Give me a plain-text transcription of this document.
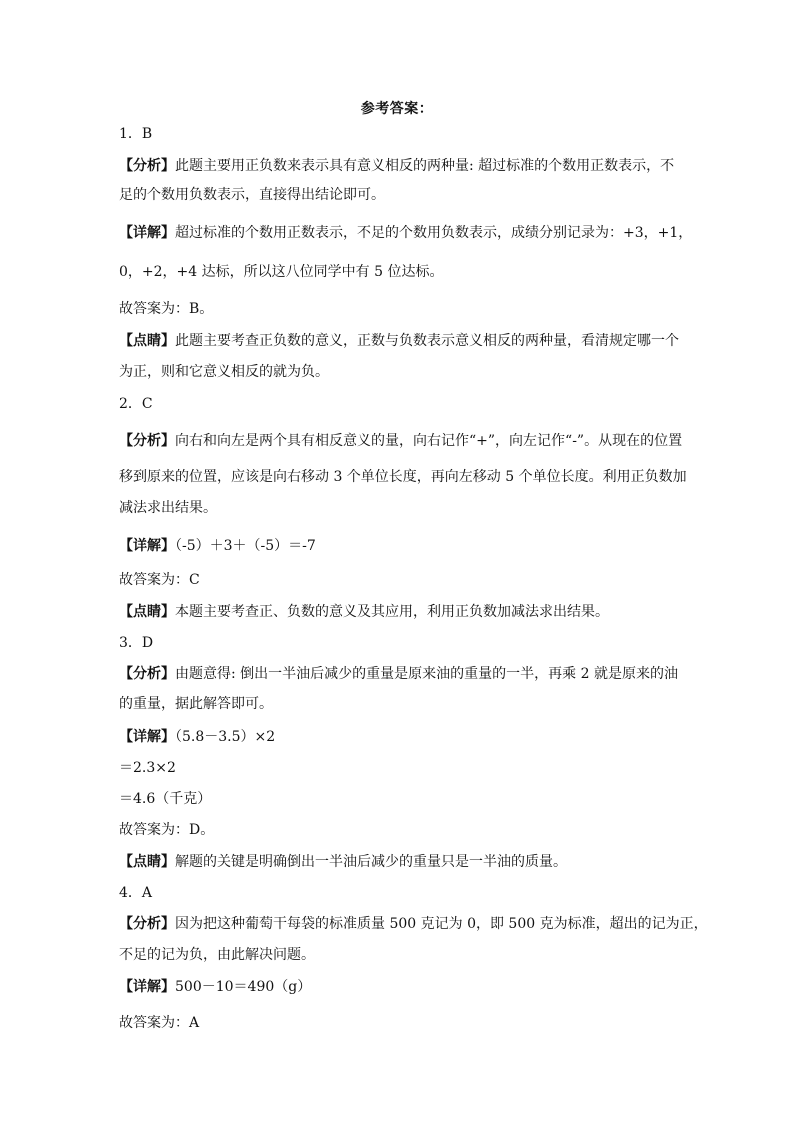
参考答案：
1．B
【分析】此题主要用正负数来表示具有意义相反的两种量: 超过标准的个数用正数表示，不
足的个数用负数表示，直接得出结论即可。
【详解】超过标准的个数用正数表示，不足的个数用负数表示，成绩分别记录为：+3，+1，
0，+2，+4 达标，所以这八位同学中有 5 位达标。
故答案为：B。
【点睛】此题主要考查正负数的意义，正数与负数表示意义相反的两种量，看清规定哪一个
为正，则和它意义相反的就为负。
2．C
【分析】向右和向左是两个具有相反意义的量，向右记作“+”，向左记作“-”。从现在的位置
移到原来的位置，应该是向右移动 3 个单位长度，再向左移动 5 个单位长度。利用正负数加
减法求出结果。
【详解】（-5）＋3＋（-5）＝-7
故答案为：C
【点睛】本题主要考查正、负数的意义及其应用，利用正负数加减法求出结果。
3．D
【分析】由题意得: 倒出一半油后减少的重量是原来油的重量的一半，再乘 2 就是原来的油
的重量，据此解答即可。
【详解】（5.8－3.5）×2
＝2.3×2
＝4.6（千克）
故答案为：D。
【点睛】解题的关键是明确倒出一半油后减少的重量只是一半油的质量。
4．A
【分析】因为把这种葡萄干每袋的标准质量 500 克记为 0，即 500 克为标准，超出的记为正，
不足的记为负，由此解决问题。
【详解】500－10＝490（g）
故答案为：A
